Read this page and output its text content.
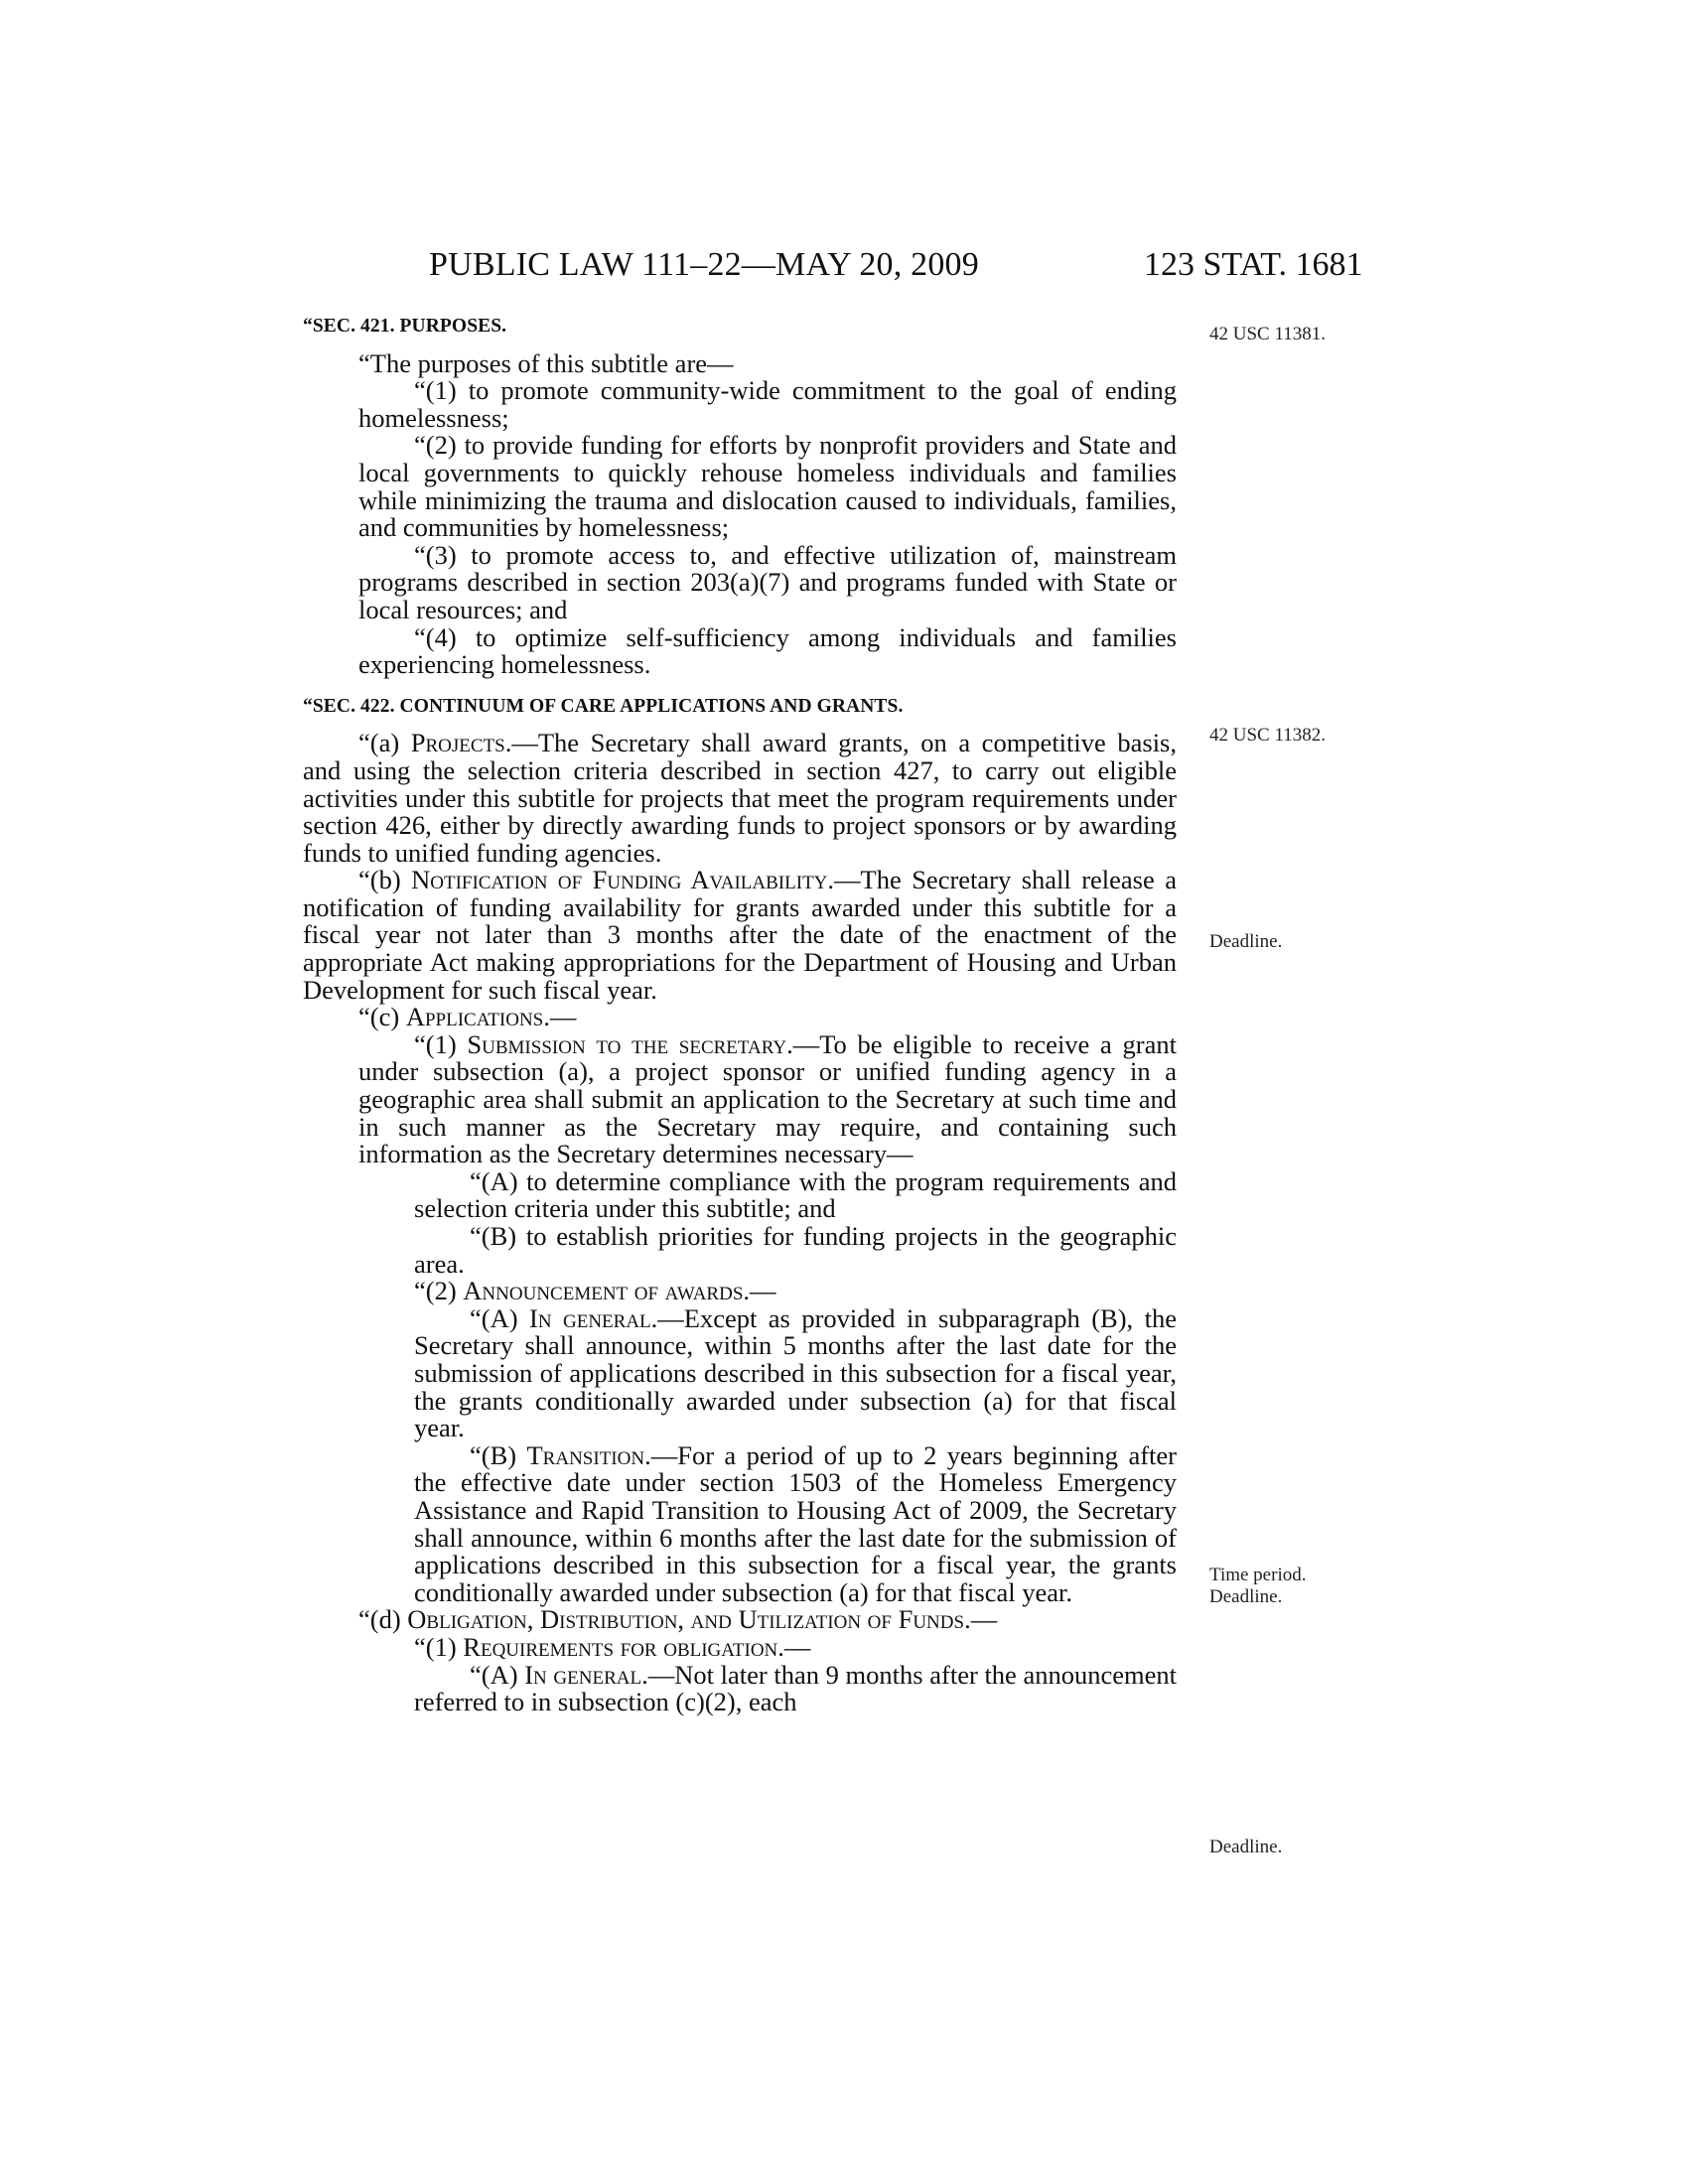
PUBLIC LAW 111–22—MAY 20, 2009	123 STAT. 1681
42 USC 11381.
42 USC 11382.
Deadline.
Time period.
Deadline.
Deadline.
“SEC. 421. PURPOSES.

“The purposes of this subtitle are—

“(1) to promote community-wide commitment to the goal of ending homelessness;

“(2) to provide funding for efforts by nonprofit providers and State and local governments to quickly rehouse homeless individuals and families while minimizing the trauma and dislocation caused to individuals, families, and communities by homelessness;

“(3) to promote access to, and effective utilization of, mainstream programs described in section 203(a)(7) and programs funded with State or local resources; and

“(4) to optimize self-sufficiency among individuals and families experiencing homelessness.

“SEC. 422. CONTINUUM OF CARE APPLICATIONS AND GRANTS.

“(a) Projects.—The Secretary shall award grants, on a competitive basis, and using the selection criteria described in section 427, to carry out eligible activities under this subtitle for projects that meet the program requirements under section 426, either by directly awarding funds to project sponsors or by awarding funds to unified funding agencies.

“(b) Notification of Funding Availability.—The Secretary shall release a notification of funding availability for grants awarded under this subtitle for a fiscal year not later than 3 months after the date of the enactment of the appropriate Act making appropriations for the Department of Housing and Urban Development for such fiscal year.

“(c) Applications.—

“(1) Submission to the secretary.—To be eligible to receive a grant under subsection (a), a project sponsor or unified funding agency in a geographic area shall submit an application to the Secretary at such time and in such manner as the Secretary may require, and containing such information as the Secretary determines necessary—

“(A) to determine compliance with the program requirements and selection criteria under this subtitle; and

“(B) to establish priorities for funding projects in the geographic area.

“(2) Announcement of awards.—

“(A) In general.—Except as provided in subparagraph (B), the Secretary shall announce, within 5 months after the last date for the submission of applications described in this subsection for a fiscal year, the grants conditionally awarded under subsection (a) for that fiscal year.

“(B) Transition.—For a period of up to 2 years beginning after the effective date under section 1503 of the Homeless Emergency Assistance and Rapid Transition to Housing Act of 2009, the Secretary shall announce, within 6 months after the last date for the submission of applications described in this subsection for a fiscal year, the grants conditionally awarded under subsection (a) for that fiscal year.

“(d) Obligation, Distribution, and Utilization of Funds.—

“(1) Requirements for obligation.—

“(A) In general.—Not later than 9 months after the announcement referred to in subsection (c)(2), each
